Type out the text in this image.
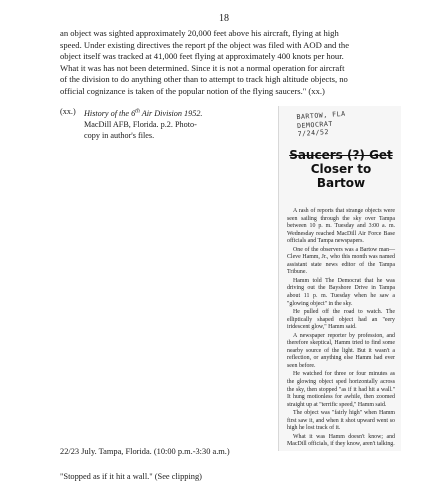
18

an object was sighted approximately 20,000 feet above his aircraft, flying at high
speed. Under existing directives the report pf the object was filed with AOD and the
object itself was tracked at 41,000 feet flying at approximately 400 knots per hour.
What it was has not been determined. Since it is not a normal operation for aircraft
of the division to do anything other than to attempt to track high altitude objects, no
official cognizance is taken of the popular notion of the flying saucers." (xx.)

(xx.) History of the 6th Air Division 1952.
MacDill AFB, Florida. p.2. Photo-
copy in author's files.
BARTOW, FLA
DEMOCRAT
7/24/52
Saucers (?) Get
Closer to
Bartow

A rash of reports that strange objects were seen sailing through the sky over Tampa between 10 p. m. Tuesday and 3:00 a. m. Wednesday reached MacDill Air Force Base officials and Tampa newspapers.

One of the observers was a Bartow man—Cleve Hamm, Jr., who this month was named assistant state news editor of the Tampa Tribune.

Hamm told The Democrat that he was driving out the Bayshore Drive in Tampa about 11 p. m. Tuesday when he saw a "glowing object" in the sky.

He pulled off the road to watch. The elliptically shaped object had an "eery iridescent glow," Hamm said.

A newspaper reporter by profession, and therefore skeptical, Hamm tried to find some nearby source of the light. But it wasn't a reflection, or anything else Hamm had ever seen before.

He watched for three or four minutes as the glowing object sped horizontally across the sky, then stopped "as if it had hit a wall." It hung motionless for awhile, then zoomed straight up at "terrific speed," Hamm said.

The object was "fairly high" when Hamm first saw it, and when it shot upward went so high he lost track of it.

What it was Hamm doesn't know; and MacDill officials, if they know, aren't talking.

22/23 July. Tampa, Florida. (10:00 p.m.-3:30 a.m.)
"Stopped as if it hit a wall." (See clipping)
